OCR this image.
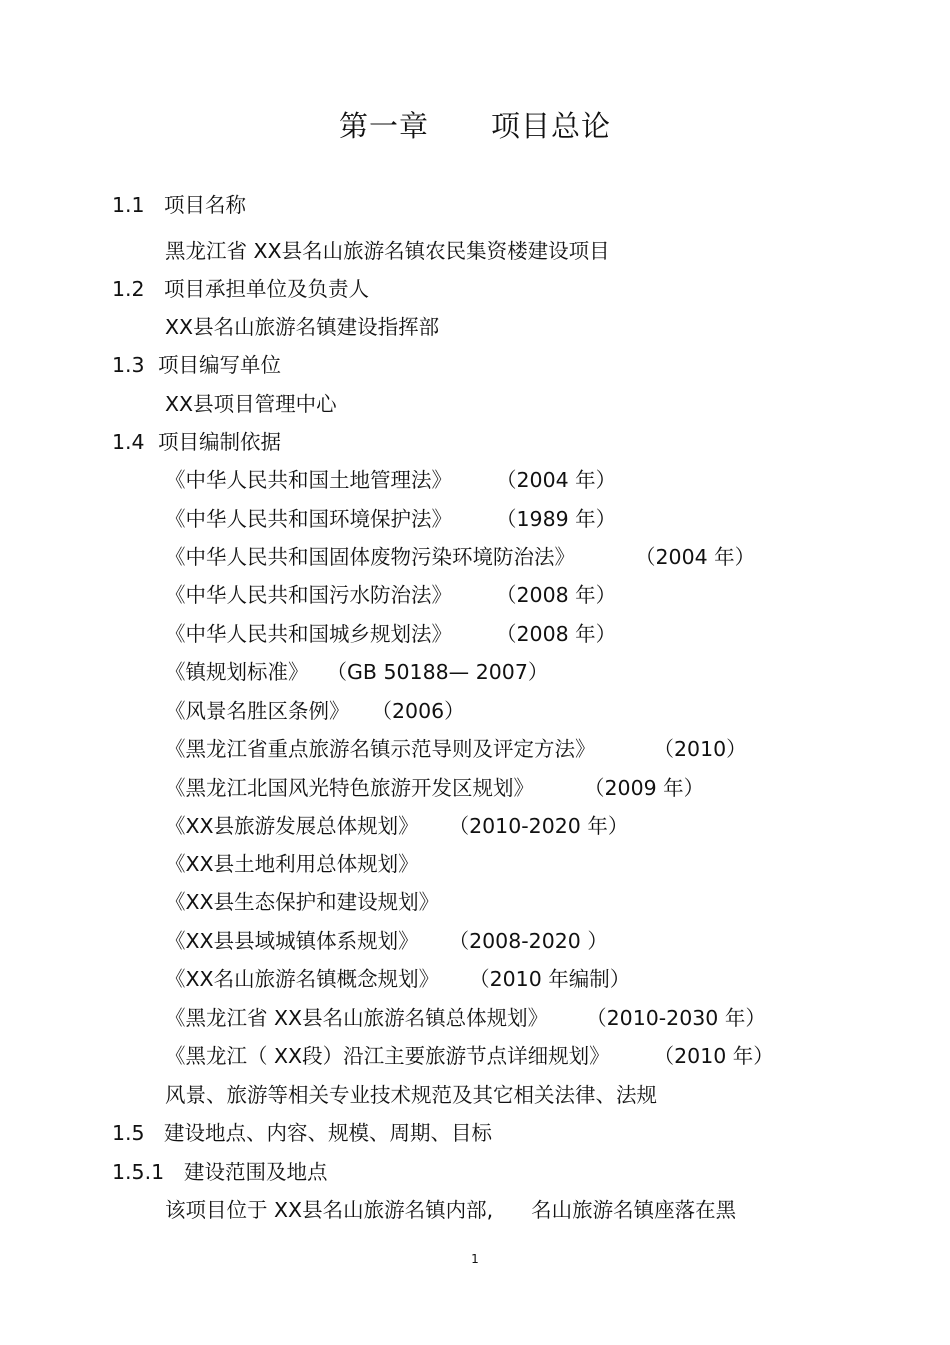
第一章 项目总论
1.1 项目名称
黑龙江省 XX县名山旅游名镇农民集资楼建设项目
1.2 项目承担单位及负责人
XX县名山旅游名镇建设指挥部
1.3 项目编写单位
XX县项目管理中心
1.4 项目编制依据
《中华人民共和国土地管理法》 （2004 年）
《中华人民共和国环境保护法》 （1989 年）
《中华人民共和国固体废物污染环境防治法》	（2004 年）
《中华人民共和国污水防治法》 （2008 年）
《中华人民共和国城乡规划法》 （2008 年）
《镇规划标准》 （GB 50188— 2007）
《风景名胜区条例》 （2006）
《黑龙江省重点旅游名镇示范导则及评定方法》	（2010）
《黑龙江北国风光特色旅游开发区规划》 （2009 年）
《XX县旅游发展总体规划》 （2010-2020 年）
《XX县土地利用总体规划》
《XX县生态保护和建设规划》
《XX县县域城镇体系规划》 （2008-2020 ）
《XX名山旅游名镇概念规划》 （2010 年编制）
《黑龙江省 XX县名山旅游名镇总体规划》 （2010-2030 年）
《黑龙江（ XX段）沿江主要旅游节点详细规划》 （2010 年）
风景、旅游等相关专业技术规范及其它相关法律、法规
1.5 建设地点、内容、规模、周期、目标
1.5.1 建设范围及地点
该项目位于 XX县名山旅游名镇内部, 名山旅游名镇座落在黑
1
